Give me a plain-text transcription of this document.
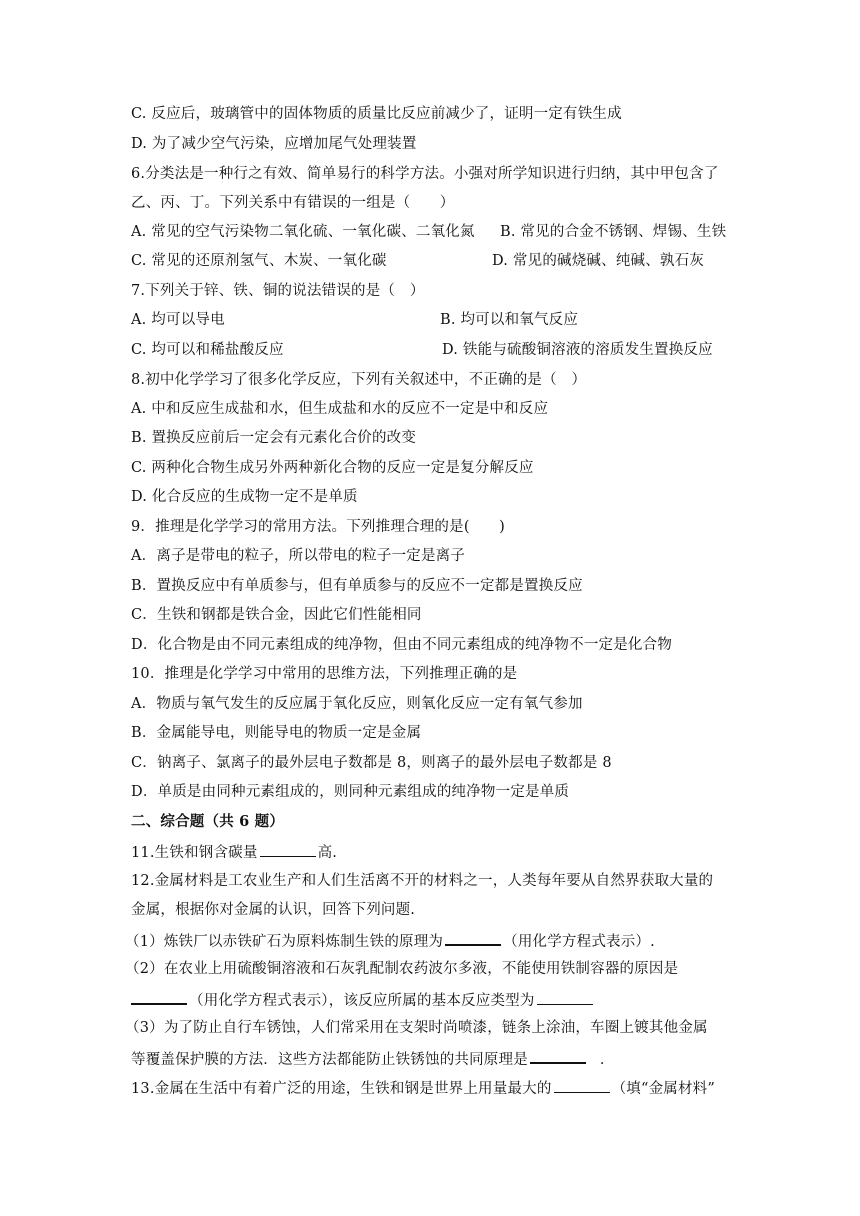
C. 反应后，玻璃管中的固体物质的质量比反应前减少了，证明一定有铁生成
D. 为了减少空气污染，应增加尾气处理装置
6.分类法是一种行之有效、简单易行的科学方法。小强对所学知识进行归纳，其中甲包含了
乙、丙、丁。下列关系中有错误的一组是（　　）
A. 常见的空气污染物二氧化硫、一氧化碳、二氧化氮 B. 常见的合金不锈钢、焊锡、生铁
C. 常见的还原剂氢气、木炭、一氧化碳	D. 常见的碱烧碱、纯碱、孰石灰
7.下列关于锌、铁、铜的说法错误的是（　）
A. 均可以导电	B. 均可以和氧气反应
C. 均可以和稀盐酸反应	D. 铁能与硫酸铜溶液的溶质发生置换反应
8.初中化学学习了很多化学反应，下列有关叙述中，不正确的是（　）
A. 中和反应生成盐和水，但生成盐和水的反应不一定是中和反应
B. 置换反应前后一定会有元素化合价的改变
C. 两种化合物生成另外两种新化合物的反应一定是复分解反应
D. 化合反应的生成物一定不是单质
9．推理是化学学习的常用方法。下列推理合理的是(　　)
A．离子是带电的粒子，所以带电的粒子一定是离子
B．置换反应中有单质参与，但有单质参与的反应不一定都是置换反应
C．生铁和钢都是铁合金，因此它们性能相同
D．化合物是由不同元素组成的纯净物，但由不同元素组成的纯净物不一定是化合物
10．推理是化学学习中常用的思维方法，下列推理正确的是
A．物质与氧气发生的反应属于氧化反应，则氧化反应一定有氧气参加
B．金属能导电，则能导电的物质一定是金属
C．钠离子、氯离子的最外层电子数都是 8，则离子的最外层电子数都是 8
D．单质是由同种元素组成的，则同种元素组成的纯净物一定是单质
二、综合题（共 6 题）
11.生铁和钢含碳量	高.
12.金属材料是工农业生产和人们生活离不开的材料之一，人类每年要从自然界获取大量的
金属，根据你对金属的认识，回答下列问题.
（1）炼铁厂以赤铁矿石为原料炼制生铁的原理为	（用化学方程式表示）.
（2）在农业上用硫酸铜溶液和石灰乳配制农药波尔多液，不能使用铁制容器的原因是
（用化学方程式表示），该反应所属的基本反应类型为
（3）为了防止自行车锈蚀，人们常采用在支架时尚喷漆，链条上涂油，车圈上镀其他金属
等覆盖保护膜的方法．这些方法都能防止铁锈蚀的共同原理是	．
13.金属在生活中有着广泛的用途，生铁和钢是世界上用量最大的	（填“金属材料”
